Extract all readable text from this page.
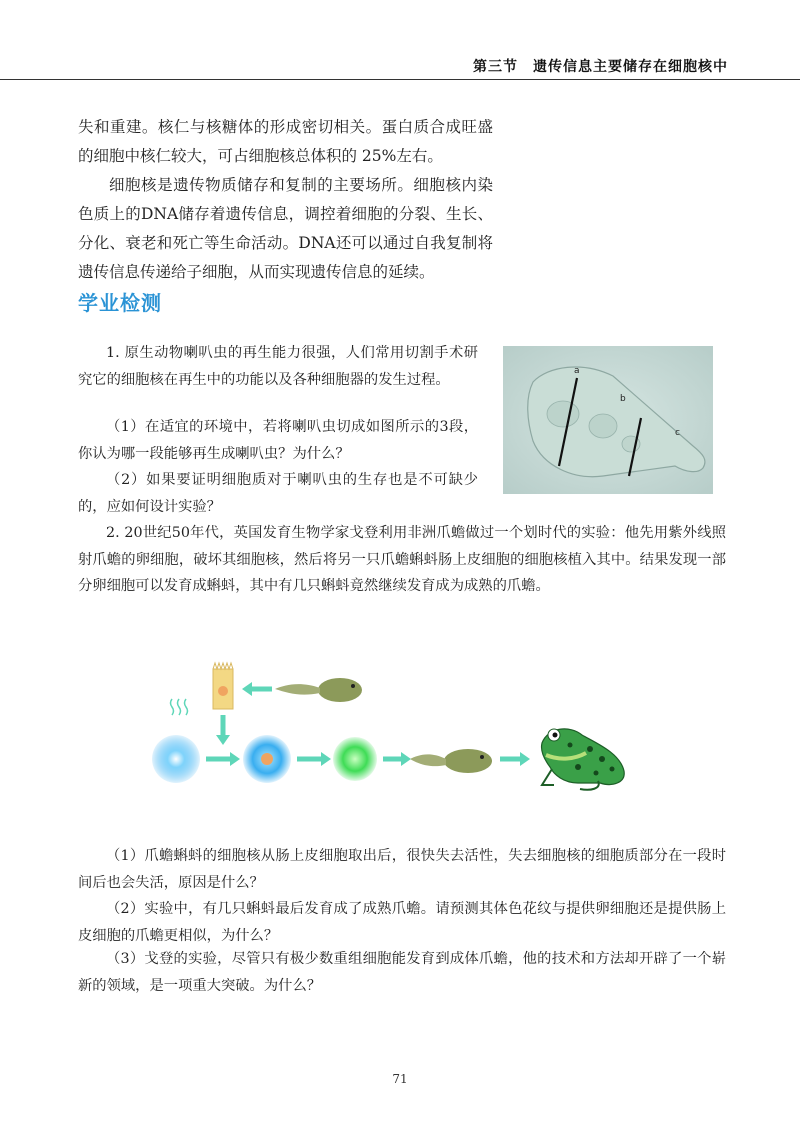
第三节　遗传信息主要储存在细胞核中

失和重建。核仁与核糖体的形成密切相关。蛋白质合成旺盛的细胞中核仁较大，可占细胞核总体积的 25%左右。

细胞核是遗传物质储存和复制的主要场所。细胞核内染色质上的DNA储存着遗传信息，调控着细胞的分裂、生长、分化、衰老和死亡等生命活动。DNA还可以通过自我复制将遗传信息传递给子细胞，从而实现遗传信息的延续。

学业检测

1. 原生动物喇叭虫的再生能力很强，人们常用切割手术研究它的细胞核在再生中的功能以及各种细胞器的发生过程。

（1）在适宜的环境中，若将喇叭虫切成如图所示的3段，你认为哪一段能够再生成喇叭虫？为什么？

（2）如果要证明细胞质对于喇叭虫的生存也是不可缺少的，应如何设计实验？

a
b
c

2. 20世纪50年代，英国发育生物学家戈登利用非洲爪蟾做过一个划时代的实验：他先用紫外线照射爪蟾的卵细胞，破坏其细胞核，然后将另一只爪蟾蝌蚪肠上皮细胞的细胞核植入其中。结果发现一部分卵细胞可以发育成蝌蚪，其中有几只蝌蚪竟然继续发育成为成熟的爪蟾。

（1）爪蟾蝌蚪的细胞核从肠上皮细胞取出后，很快失去活性，失去细胞核的细胞质部分在一段时间后也会失活，原因是什么？

（2）实验中，有几只蝌蚪最后发育成了成熟爪蟾。请预测其体色花纹与提供卵细胞还是提供肠上皮细胞的爪蟾更相似，为什么？

（3）戈登的实验，尽管只有极少数重组细胞能发育到成体爪蟾，他的技术和方法却开辟了一个崭新的领域，是一项重大突破。为什么？

71
